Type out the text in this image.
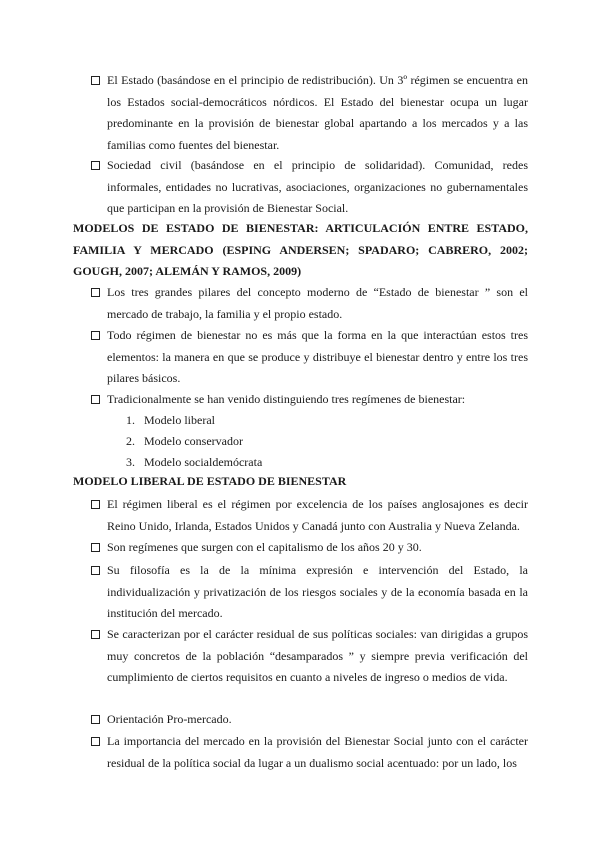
El Estado (basándose en el principio de redistribución). Un 3º régimen se encuentra en los Estados social-democráticos nórdicos. El Estado del bienestar ocupa un lugar predominante en la provisión de bienestar global apartando a los mercados y a las familias como fuentes del bienestar.

Sociedad civil (basándose en el principio de solidaridad). Comunidad, redes informales, entidades no lucrativas, asociaciones, organizaciones no gubernamentales que participan en la provisión de Bienestar Social.

MODELOS DE ESTADO DE BIENESTAR: ARTICULACIÓN ENTRE ESTADO, FAMILIA Y MERCADO (ESPING ANDERSEN; SPADARO; CABRERO, 2002; GOUGH, 2007; ALEMÁN Y RAMOS, 2009)

Los tres grandes pilares del concepto moderno de “Estado de bienestar ” son el mercado de trabajo, la familia y el propio estado.

Todo régimen de bienestar no es más que la forma en la que interactúan estos tres elementos: la manera en que se produce y distribuye el bienestar dentro y entre los tres pilares básicos.

Tradicionalmente se han venido distinguiendo tres regímenes de bienestar:

1. Modelo liberal
2. Modelo conservador
3. Modelo socialdemócrata

MODELO LIBERAL DE ESTADO DE BIENESTAR

El régimen liberal es el régimen por excelencia de los países anglosajones es decir Reino Unido, Irlanda, Estados Unidos y Canadá junto con Australia y Nueva Zelanda.

Son regímenes que surgen con el capitalismo de los años 20 y 30.

Su filosofía es la de la mínima expresión e intervención del Estado, la individualización y privatización de los riesgos sociales y de la economía basada en la institución del mercado.

Se caracterizan por el carácter residual de sus políticas sociales: van dirigidas a grupos muy concretos de la población “desamparados ” y siempre previa verificación del cumplimiento de ciertos requisitos en cuanto a niveles de ingreso o medios de vida.

Orientación Pro-mercado.

La importancia del mercado en la provisión del Bienestar Social junto con el carácter residual de la política social da lugar a un dualismo social acentuado: por un lado, los
